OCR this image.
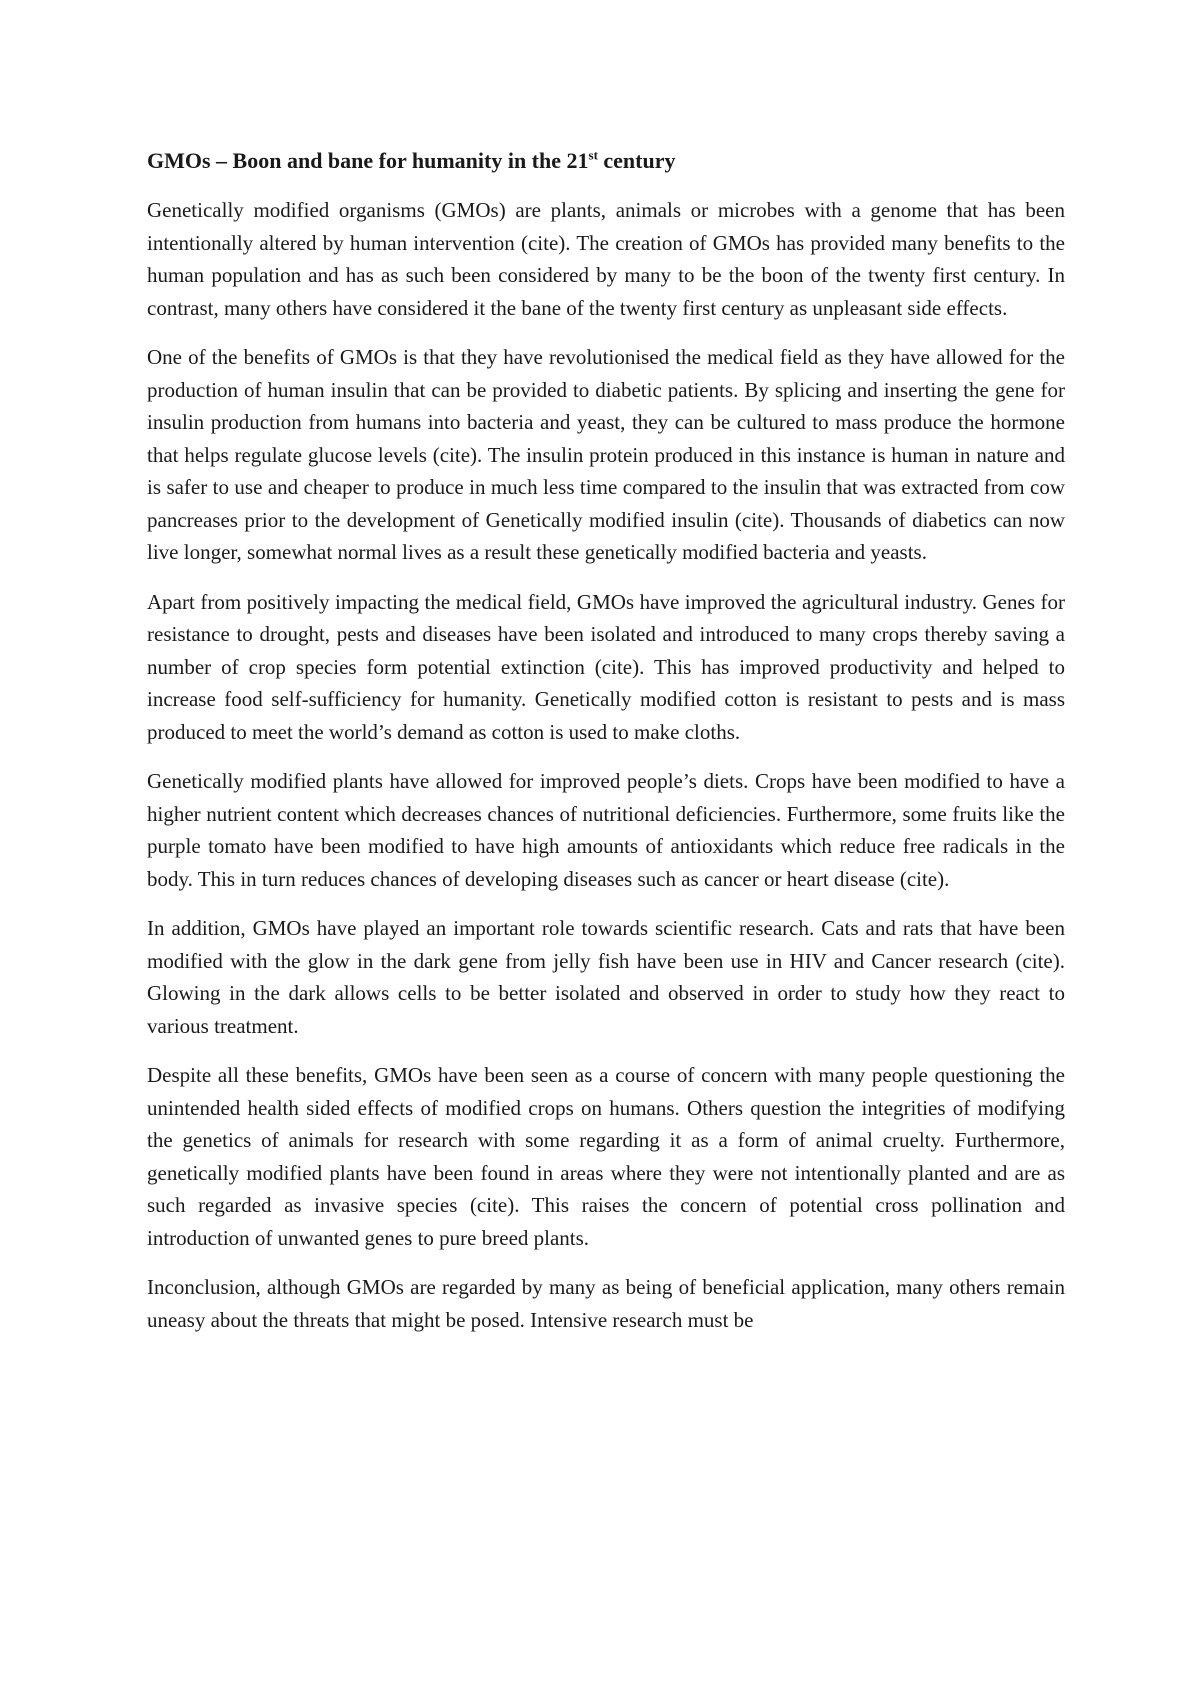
GMOs – Boon and bane for humanity in the 21st century

Genetically modified organisms (GMOs) are plants, animals or microbes with a genome that has been intentionally altered by human intervention (cite). The creation of GMOs has provided many benefits to the human population and has as such been considered by many to be the boon of the twenty first century. In contrast, many others have considered it the bane of the twenty first century as unpleasant side effects.

One of the benefits of GMOs is that they have revolutionised the medical field as they have allowed for the production of human insulin that can be provided to diabetic patients. By splicing and inserting the gene for insulin production from humans into bacteria and yeast, they can be cultured to mass produce the hormone that helps regulate glucose levels (cite). The insulin protein produced in this instance is human in nature and is safer to use and cheaper to produce in much less time compared to the insulin that was extracted from cow pancreases prior to the development of Genetically modified insulin (cite). Thousands of diabetics can now live longer, somewhat normal lives as a result these genetically modified bacteria and yeasts.

Apart from positively impacting the medical field, GMOs have improved the agricultural industry. Genes for resistance to drought, pests and diseases have been isolated and introduced to many crops thereby saving a number of crop species form potential extinction (cite). This has improved productivity and helped to increase food self-sufficiency for humanity. Genetically modified cotton is resistant to pests and is mass produced to meet the world’s demand as cotton is used to make cloths.

Genetically modified plants have allowed for improved people’s diets. Crops have been modified to have a higher nutrient content which decreases chances of nutritional deficiencies. Furthermore, some fruits like the purple tomato have been modified to have high amounts of antioxidants which reduce free radicals in the body. This in turn reduces chances of developing diseases such as cancer or heart disease (cite).

In addition, GMOs have played an important role towards scientific research. Cats and rats that have been modified with the glow in the dark gene from jelly fish have been use in HIV and Cancer research (cite). Glowing in the dark allows cells to be better isolated and observed in order to study how they react to various treatment.

Despite all these benefits, GMOs have been seen as a course of concern with many people questioning the unintended health sided effects of modified crops on humans. Others question the integrities of modifying the genetics of animals for research with some regarding it as a form of animal cruelty. Furthermore, genetically modified plants have been found in areas where they were not intentionally planted and are as such regarded as invasive species (cite). This raises the concern of potential cross pollination and introduction of unwanted genes to pure breed plants.

Inconclusion, although GMOs are regarded by many as being of beneficial application, many others remain uneasy about the threats that might be posed. Intensive research must be
